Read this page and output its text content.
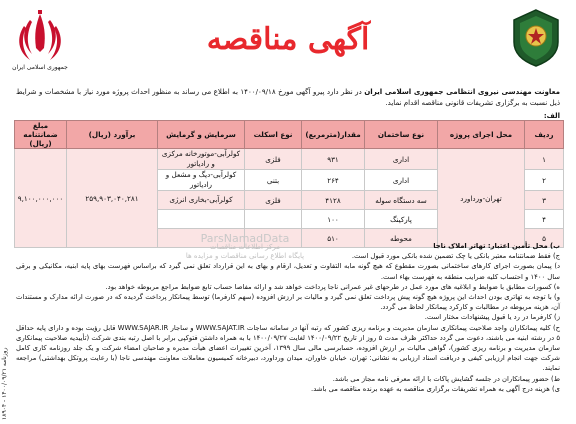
جمهوری اسلامی ایران
آگهی مناقصه
معاونت مهندسی نیروی انتظامی جمهوری اسلامی ایران در نظر دارد پیرو آگهی مورخ ۱۴۰۰/۰۹/۱۸ به اطلاع می رساند به منظور احداث پروژه مورد نیاز با مشخصات و شرایط ذیل نسبت به برگزاری تشریفات قانونی مناقصه اقدام نماید.
الف:
ردیف	محل اجرای پروژه	نوع ساختمان	مقدار(مترمربع)	نوع اسکلت	سرمایش و گرمایش	برآورد (ریال)	مبلغ ضمانتنامه (ریال)
۱	تهران-ورداورد	اداری	۹۳۱	فلزی	کولرآبی-موتورخانه مرکزی و رادیاتور	۲۵۹,۹۰۳,۰۴۰,۲۸۱	۹,۱۰۰,۰۰۰,۰۰۰
۲		اداری	۲۶۴	بتنی	کولرآبی-دیگ و مشعل و رادیاتور		
۳		سه دستگاه سوله	۴۱۲۸	فلزی	کولرآبی-بخاری انرژی		
۴		پارکینگ	۱۰۰				
۵		محوطه	۵۱۰				
ParsNamadData
مرکز اطلاعات مناقصات
پایگاه اطلاع رسانی مناقصات و مزایده ها

ب) محل تأمین اعتبار: تهاتر املاک ناجا

ج) فقط ضمانتنامه معتبر بانکی یا چک تضمین شده بانکی مورد قبول است.

د) پیمان بصورت اجرای کارهای ساختمانی بصورت مقطوع که هیچ گونه مابه التفاوت و تعدیل، ارقام و بهای به این قرارداد تعلق نمی گیرد که براساس فهرست بهای پایه ابنیه، مکانیکی و برقی سال ۱۴۰۰ و احتساب کلیه ضرایب منطقه به فهرست بهاء است.

ه) کسورات مطابق با ضوابط و ابلاغیه های مورد عمل در طرحهای غیر عمرانی ناجا پرداخت خواهد شد و ارائه مفاصا حساب تابع ضوابط مراجع مربوطه خواهد بود.

و) با توجه به تهاتری بودن احداث این پروژه هیچ گونه پیش پرداخت تعلق نمی گیرد و مالیات بر ارزش افزوده (سهم کارفرما) توسط پیمانکار پرداخت گردیده که در صورت ارائه مدارک و مستندات آن، هزینه مربوطه در مطالبات و کارکرد پیمانکار لحاظ می گردد.

ز) کارفرما در رد یا قبول پیشنهادات مختار است.

ح) کلیه پیمانکاران واجد صلاحیت پیمانکاری سازمان مدیریت و برنامه ریزی کشور که رتبه آنها در سامانه ساجات WWW.SAJAT.IR و ساجار WWW.SAJAR.IR قابل رؤیت بوده و دارای پایه حداقل ۵ در رشته ابنیه می باشند، دعوت می گردد حداکثر ظرف مدت ۵ روز از تاریخ ۱۴۰۰/۰۹/۲۲ لغایت ۱۴۰۰/۰۹/۲۷ با به همراه داشتن فتوکپی برابر با اصل رتبه بندی شرکت (تأییدیه صلاحیت پیمانکاری سازمان مدیریت و برنامه ریزی کشور)، گواهی مالیات بر ارزش افزوده، حسابرسی مالی سال ۱۳۹۹، آخرین تغییرات اعضای هیأت مدیره و صاحبان امضاء شرکت و یک جلد روزنامه کاری کامل شرکت جهت انجام ارزیابی کیفی و دریافت اسناد ارزیابی به نشانی: تهران، خیابان خاوران، میدان ورداورد، دبیرخانه کمیسیون معاملات معاونت مهندسی ناجا (با رعایت پروتکل بهداشتی) مراجعه نمایند.

ط) حضور پیمانکاران در جلسه گشایش پاکات با ارائه معرفی نامه مجاز می باشد.

ی) هزینه درج آگهی به همراه تشریفات برگزاری مناقصه به عهده برنده مناقصه می باشد.

روزنامه ۱۴۰۰/۰۹/۲۱ - ۱۸۹۰۴
